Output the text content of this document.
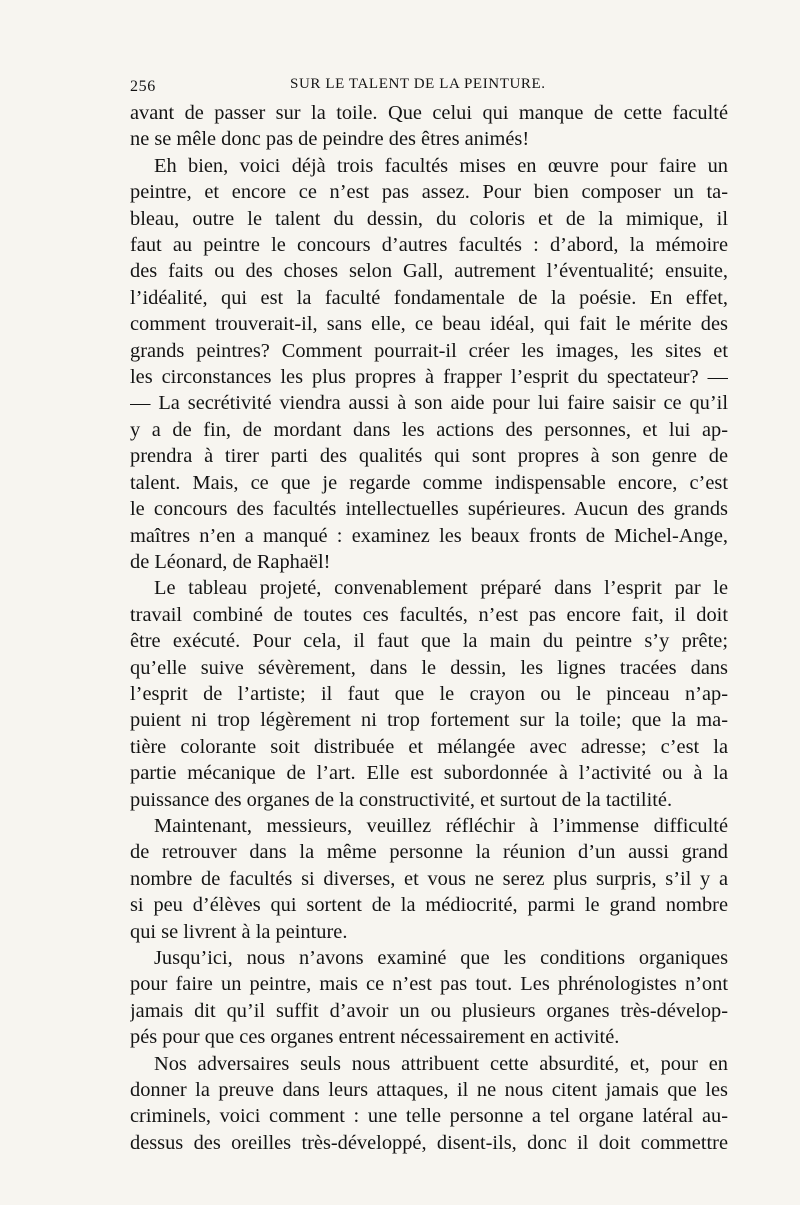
256	SUR LE TALENT DE LA PEINTURE.

avant de passer sur la toile. Que celui qui manque de cette faculté
ne se mêle donc pas de peindre des êtres animés!

Eh bien, voici déjà trois facultés mises en œuvre pour faire un
peintre, et encore ce n’est pas assez. Pour bien composer un ta-
bleau, outre le talent du dessin, du coloris et de la mimique, il
faut au peintre le concours d’autres facultés : d’abord, la mémoire
des faits ou des choses selon Gall, autrement l’éventualité; ensuite,
l’idéalité, qui est la faculté fondamentale de la poésie. En effet,
comment trouverait-il, sans elle, ce beau idéal, qui fait le mérite des
grands peintres? Comment pourrait-il créer les images, les sites et
les circonstances les plus propres à frapper l’esprit du spectateur? —
— La secrétivité viendra aussi à son aide pour lui faire saisir ce qu’il
y a de fin, de mordant dans les actions des personnes, et lui ap-
prendra à tirer parti des qualités qui sont propres à son genre de
talent. Mais, ce que je regarde comme indispensable encore, c’est
le concours des facultés intellectuelles supérieures. Aucun des grands
maîtres n’en a manqué : examinez les beaux fronts de Michel-Ange,
de Léonard, de Raphaël!

Le tableau projeté, convenablement préparé dans l’esprit par le
travail combiné de toutes ces facultés, n’est pas encore fait, il doit
être exécuté. Pour cela, il faut que la main du peintre s’y prête;
qu’elle suive sévèrement, dans le dessin, les lignes tracées dans
l’esprit de l’artiste; il faut que le crayon ou le pinceau n’ap-
puient ni trop légèrement ni trop fortement sur la toile; que la ma-
tière colorante soit distribuée et mélangée avec adresse; c’est la
partie mécanique de l’art. Elle est subordonnée à l’activité ou à la
puissance des organes de la constructivité, et surtout de la tactilité.

Maintenant, messieurs, veuillez réfléchir à l’immense difficulté
de retrouver dans la même personne la réunion d’un aussi grand
nombre de facultés si diverses, et vous ne serez plus surpris, s’il y a
si peu d’élèves qui sortent de la médiocrité, parmi le grand nombre
qui se livrent à la peinture.

Jusqu’ici, nous n’avons examiné que les conditions organiques
pour faire un peintre, mais ce n’est pas tout. Les phrénologistes n’ont
jamais dit qu’il suffit d’avoir un ou plusieurs organes très-dévelop-
pés pour que ces organes entrent nécessairement en activité.

Nos adversaires seuls nous attribuent cette absurdité, et, pour en
donner la preuve dans leurs attaques, il ne nous citent jamais que les
criminels, voici comment : une telle personne a tel organe latéral au-
dessus des oreilles très-développé, disent-ils, donc il doit commettre
